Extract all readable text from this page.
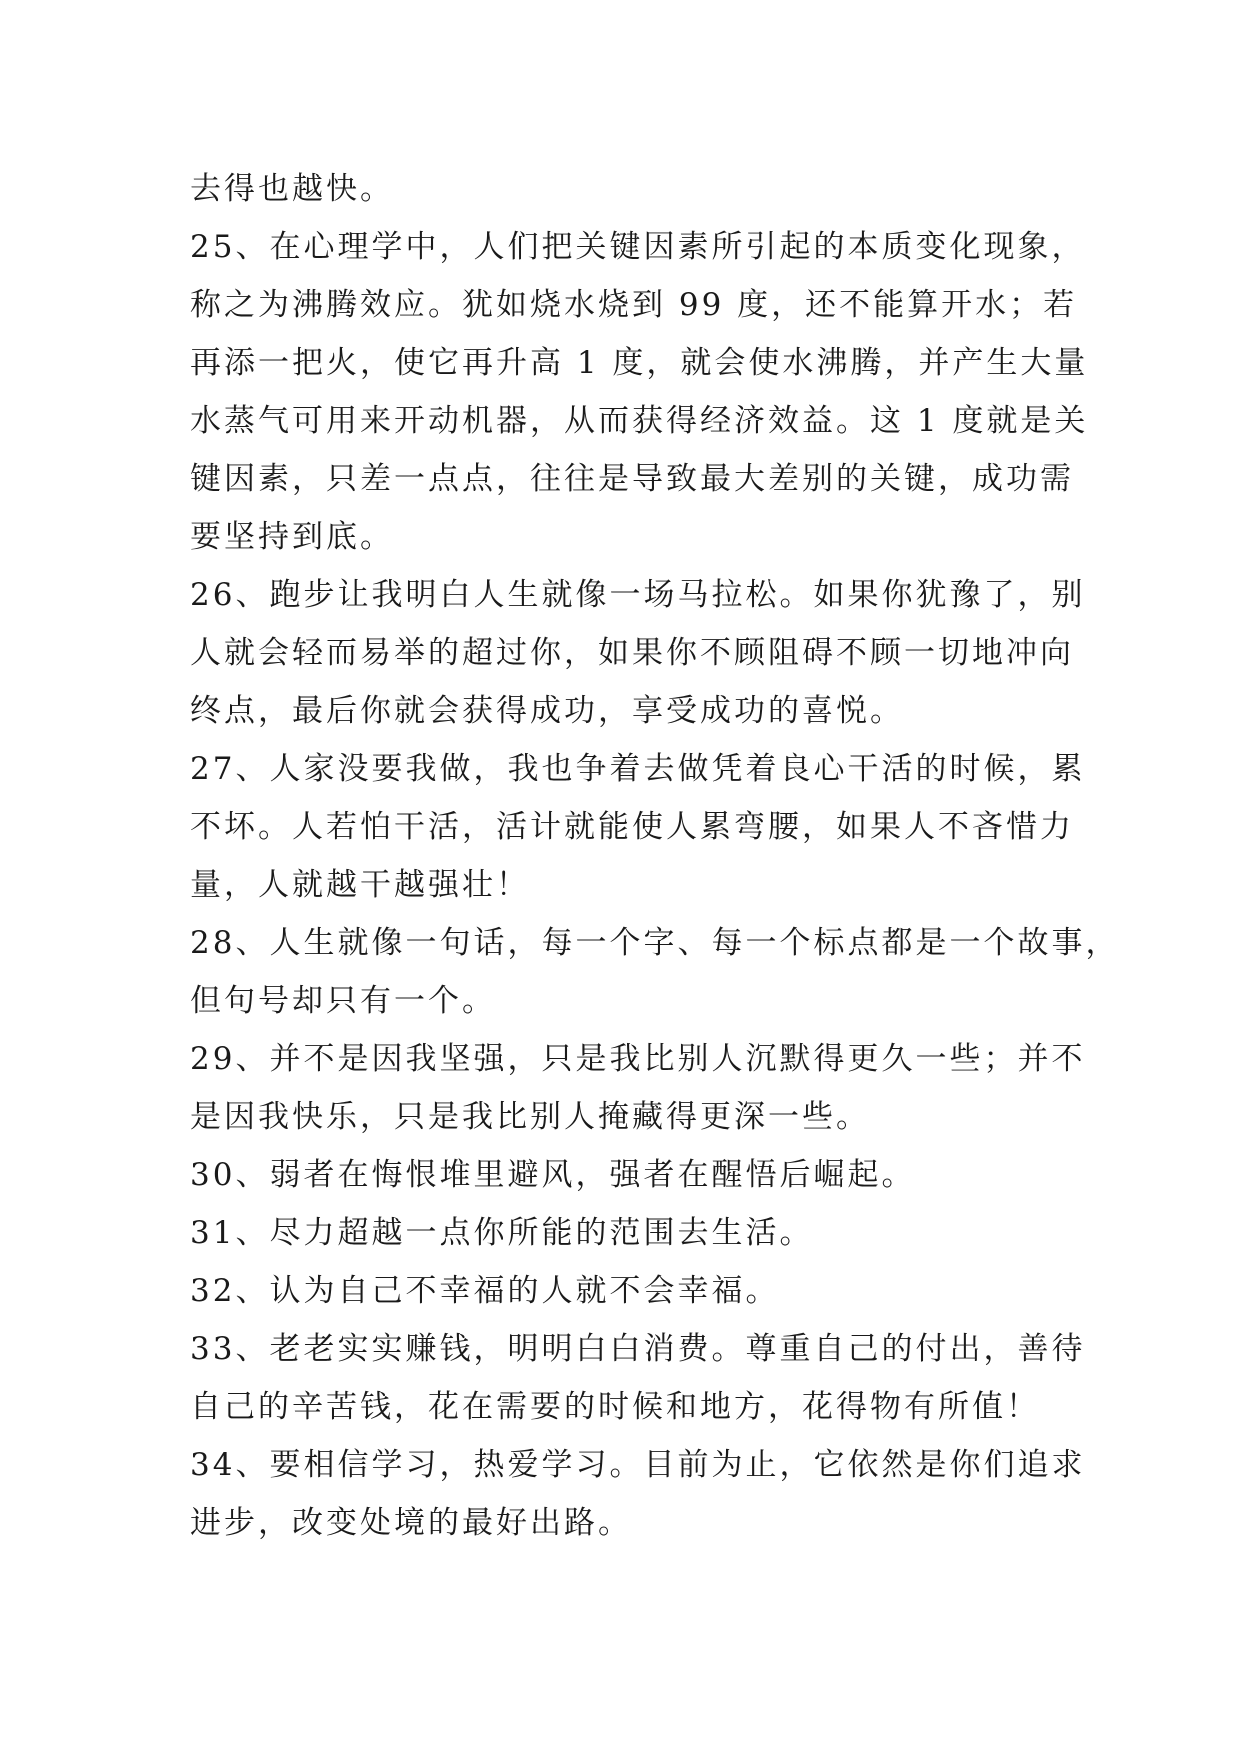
去得也越快。
25、在心理学中，人们把关键因素所引起的本质变化现象，
称之为沸腾效应。犹如烧水烧到 99 度，还不能算开水；若
再添一把火，使它再升高 1 度，就会使水沸腾，并产生大量
水蒸气可用来开动机器，从而获得经济效益。这 1 度就是关
键因素，只差一点点，往往是导致最大差别的关键，成功需
要坚持到底。
26、跑步让我明白人生就像一场马拉松。如果你犹豫了，别
人就会轻而易举的超过你，如果你不顾阻碍不顾一切地冲向
终点，最后你就会获得成功，享受成功的喜悦。
27、人家没要我做，我也争着去做凭着良心干活的时候，累
不坏。人若怕干活，活计就能使人累弯腰，如果人不吝惜力
量，人就越干越强壮！
28、人生就像一句话，每一个字、每一个标点都是一个故事，
但句号却只有一个。
29、并不是因我坚强，只是我比别人沉默得更久一些；并不
是因我快乐，只是我比别人掩藏得更深一些。
30、弱者在悔恨堆里避风，强者在醒悟后崛起。
31、尽力超越一点你所能的范围去生活。
32、认为自己不幸福的人就不会幸福。
33、老老实实赚钱，明明白白消费。尊重自己的付出，善待
自己的辛苦钱，花在需要的时候和地方，花得物有所值！
34、要相信学习，热爱学习。目前为止，它依然是你们追求
进步，改变处境的最好出路。
